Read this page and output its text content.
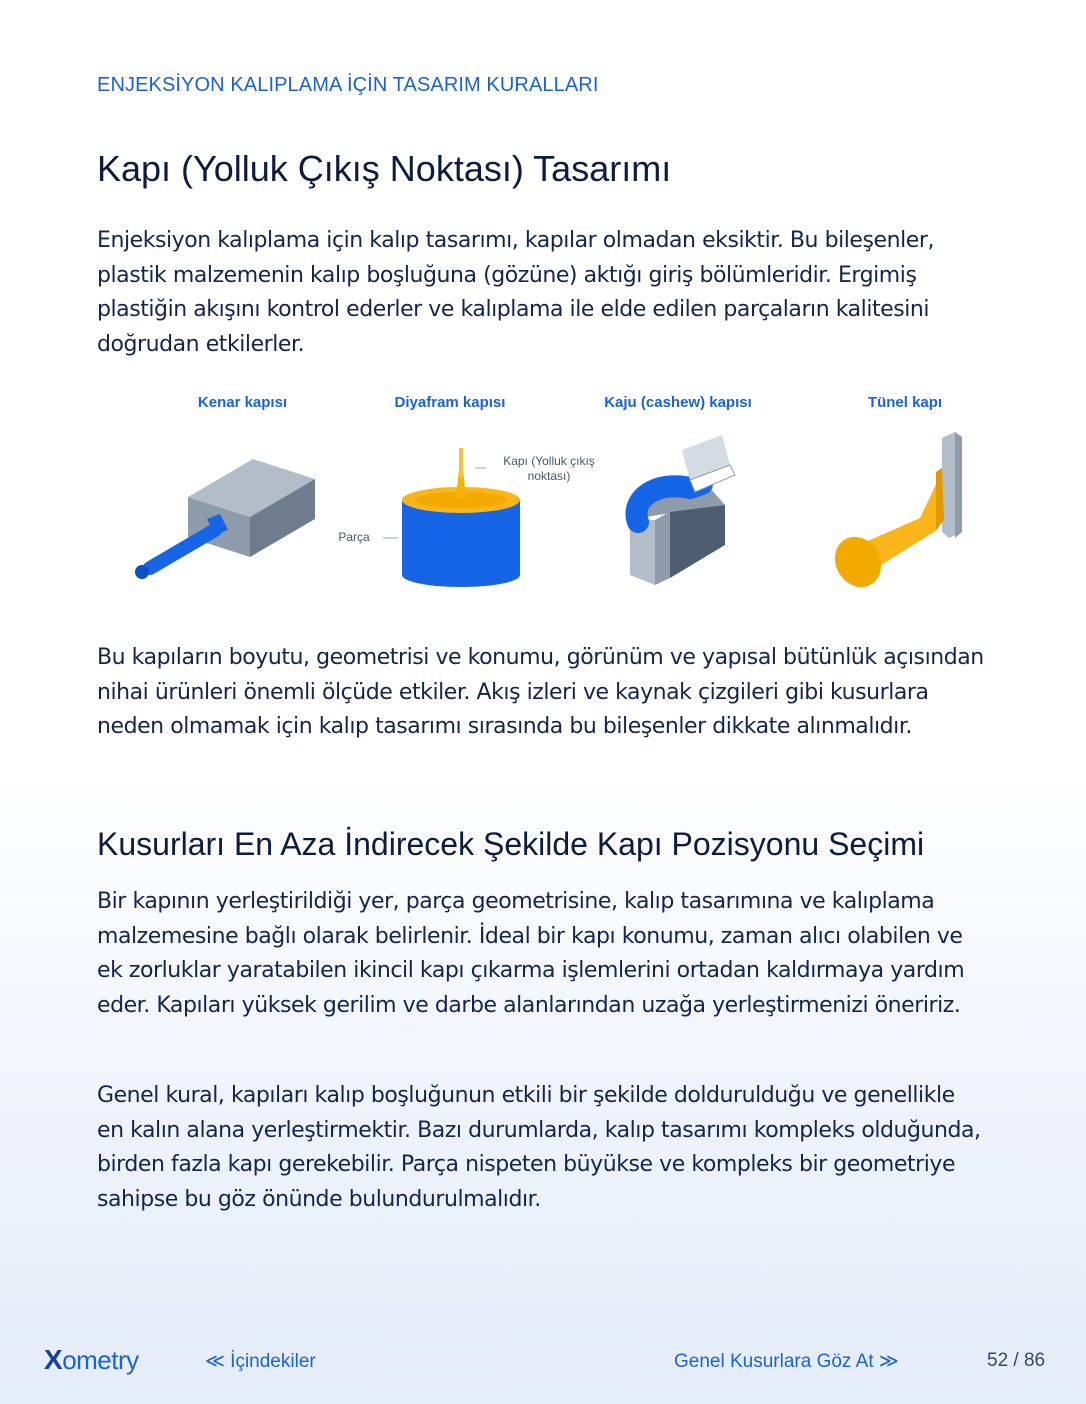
ENJEKSİYON KALIPLAMA İÇİN TASARIM KURALLARI
Kapı (Yolluk Çıkış Noktası) Tasarımı

Enjeksiyon kalıplama için kalıp tasarımı, kapılar olmadan eksiktir. Bu bileşenler, plastik malzemenin kalıp boşluğuna (gözüne) aktığı giriş bölümleridir. Ergimiş plastiğin akışını kontrol ederler ve kalıplama ile elde edilen parçaların kalitesini doğrudan etkilerler.

Kenar kapısı	Diyafram kapısı	Kaju (cashew) kapısı	Tünel kapı
Kapı (Yolluk çıkış
noktası)
Parça

Bu kapıların boyutu, geometrisi ve konumu, görünüm ve yapısal bütünlük açısından nihai ürünleri önemli ölçüde etkiler. Akış izleri ve kaynak çizgileri gibi kusurlara neden olmamak için kalıp tasarımı sırasında bu bileşenler dikkate alınmalıdır.

Kusurları En Aza İndirecek Şekilde Kapı Pozisyonu Seçimi

Bir kapının yerleştirildiği yer, parça geometrisine, kalıp tasarımına ve kalıplama malzemesine bağlı olarak belirlenir. İdeal bir kapı konumu, zaman alıcı olabilen ve ek zorluklar yaratabilen ikincil kapı çıkarma işlemlerini ortadan kaldırmaya yardım eder. Kapıları yüksek gerilim ve darbe alanlarından uzağa yerleştirmenizi öneririz.

Genel kural, kapıları kalıp boşluğunun etkili bir şekilde doldurulduğu ve genellikle en kalın alana yerleştirmektir. Bazı durumlarda, kalıp tasarımı kompleks olduğunda, birden fazla kapı gerekebilir. Parça nispeten büyükse ve kompleks bir geometriye sahipse bu göz önünde bulundurulmalıdır.

Xometry	≪ İçindekiler	Genel Kusurlara Göz At ≫	52 / 86
